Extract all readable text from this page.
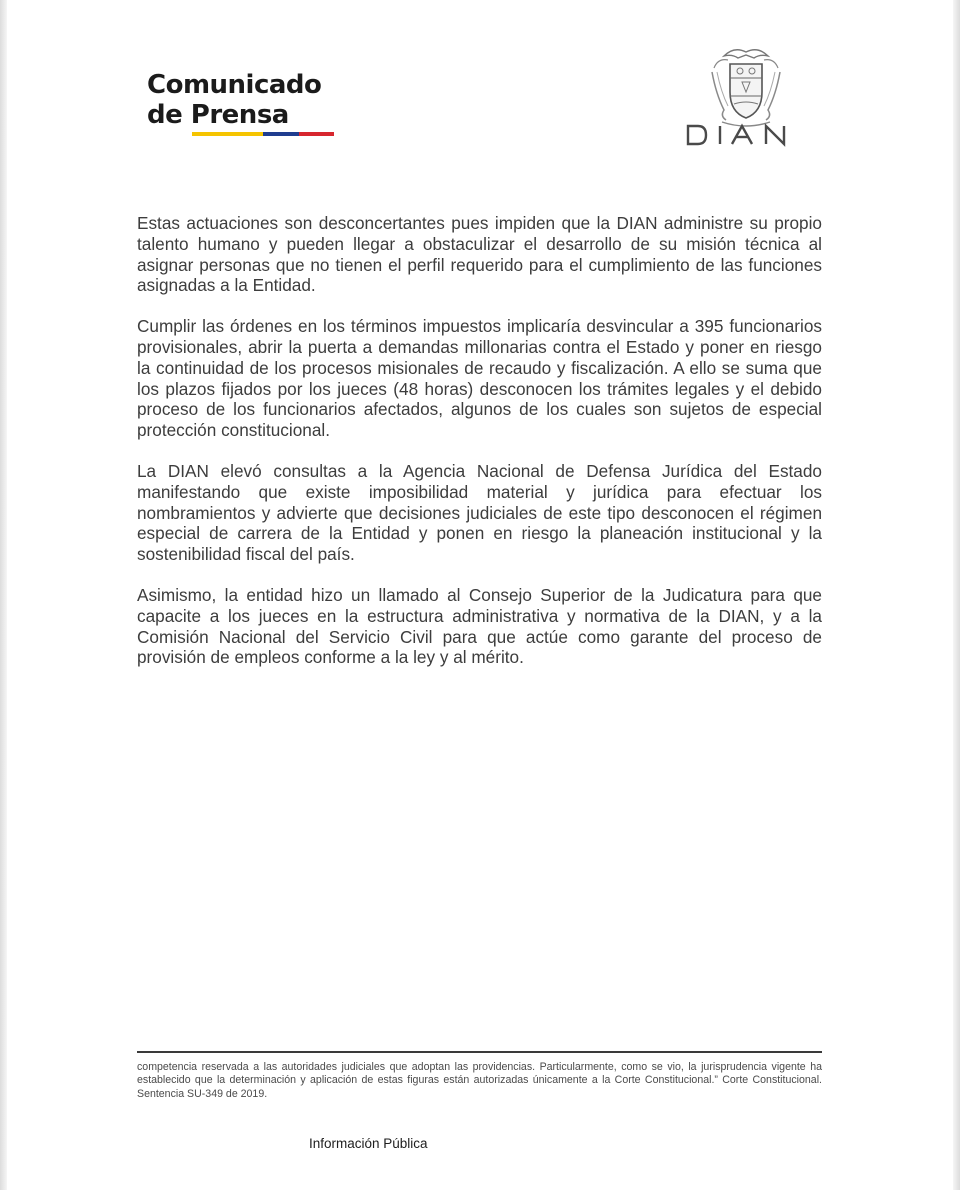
Comunicado
de Prensa

Estas actuaciones son desconcertantes pues impiden que la DIAN administre su propio talento humano y pueden llegar a obstaculizar el desarrollo de su misión técnica al asignar personas que no tienen el perfil requerido para el cumplimiento de las funciones asignadas a la Entidad.

Cumplir las órdenes en los términos impuestos implicaría desvincular a 395 funcionarios provisionales, abrir la puerta a demandas millonarias contra el Estado y poner en riesgo la continuidad de los procesos misionales de recaudo y fiscalización. A ello se suma que los plazos fijados por los jueces (48 horas) desconocen los trámites legales y el debido proceso de los funcionarios afectados, algunos de los cuales son sujetos de especial protección constitucional.

La DIAN elevó consultas a la Agencia Nacional de Defensa Jurídica del Estado manifestando que existe imposibilidad material y jurídica para efectuar los nombramientos y advierte que decisiones judiciales de este tipo desconocen el régimen especial de carrera de la Entidad y ponen en riesgo la planeación institucional y la sostenibilidad fiscal del país.

Asimismo, la entidad hizo un llamado al Consejo Superior de la Judicatura para que capacite a los jueces en la estructura administrativa y normativa de la DIAN, y a la Comisión Nacional del Servicio Civil para que actúe como garante del proceso de provisión de empleos conforme a la ley y al mérito.

competencia reservada a las autoridades judiciales que adoptan las providencias. Particularmente, como se vio, la jurisprudencia vigente ha establecido que la determinación y aplicación de estas figuras están autorizadas únicamente a la Corte Constitucional.” Corte Constitucional. Sentencia SU-349 de 2019.
Información Pública
